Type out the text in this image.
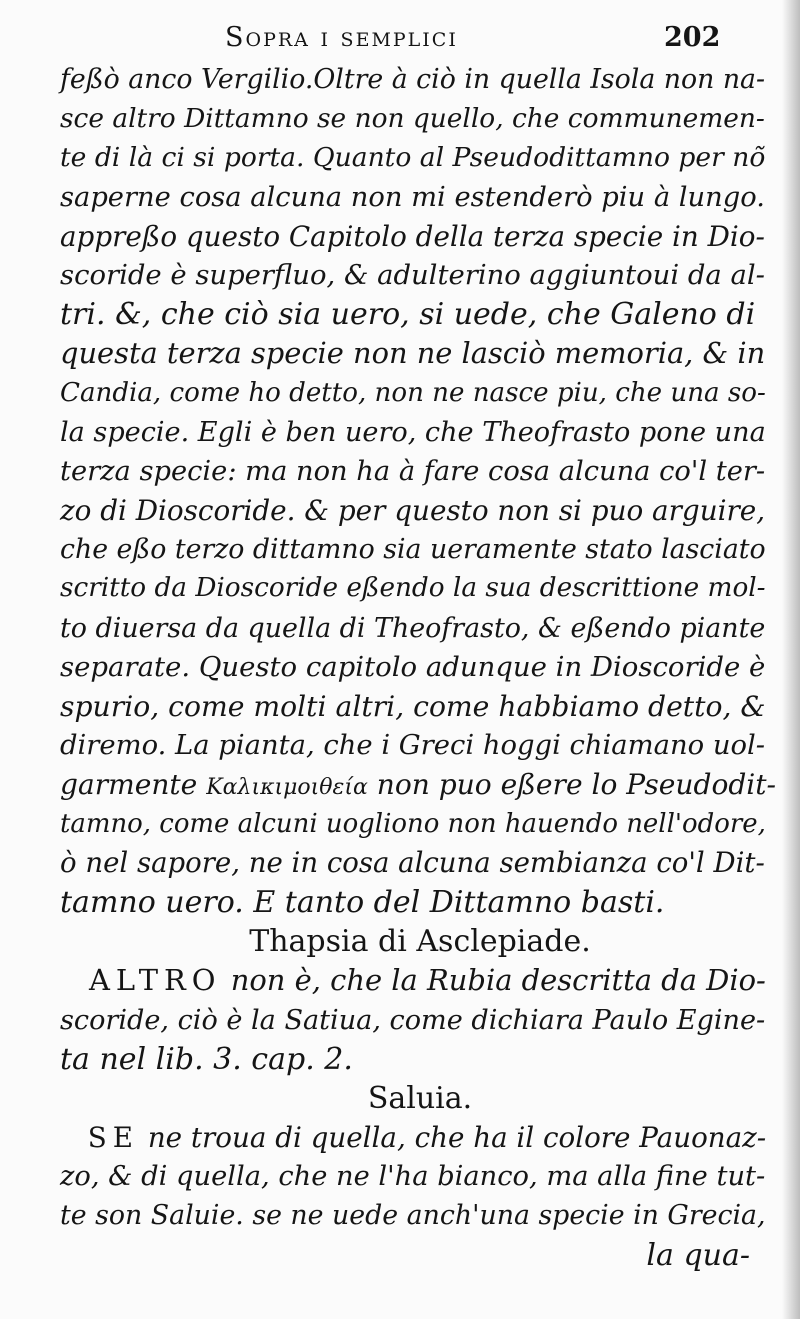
Sopra i semplici	202
feßò anco Vergilio.Oltre à ciò in quella Isola non na-
sce altro Dittamno se non quello, che communemen-
te di là ci si porta. Quanto al Pseudodittamno per nõ
saperne cosa alcuna non mi estenderò piu à lungo.
appreßo questo Capitolo della terza specie in Dio-
scoride è superfluo, & adulterino aggiuntoui da al-
tri. &, che ciò sia uero, si uede, che Galeno di
questa terza specie non ne lasciò memoria, & in
Candia, come ho detto, non ne nasce piu, che una so-
la specie. Egli è ben uero, che Theofrasto pone una
terza specie: ma non ha à fare cosa alcuna co'l ter-
zo di Dioscoride. & per questo non si puo arguire,
che eßo terzo dittamno sia ueramente stato lasciato
scritto da Dioscoride eßendo la sua descrittione mol-
to diuersa da quella di Theofrasto, & eßendo piante
separate. Questo capitolo adunque in Dioscoride è
spurio, come molti altri, come habbiamo detto, &
diremo. La pianta, che i Greci hoggi chiamano uol-
garmente Καλικιμοιθεία non puo eßere lo Pseudodit-
tamno, come alcuni uogliono non hauendo nell'odore,
ò nel sapore, ne in cosa alcuna sembianza co'l Dit-
tamno uero. E tanto del Dittamno basti.
Thapsia di Asclepiade.
 ALTRO non è, che la Rubia descritta da Dio-
scoride, ciò è la Satiua, come dichiara Paulo Egine-
ta nel lib. 3. cap. 2.
Saluia.
 SE ne troua di quella, che ha il colore Pauonaz-
zo, & di quella, che ne l'ha bianco, ma alla fine tut-
te son Saluie. se ne uede anch'una specie in Grecia,
la qua-
